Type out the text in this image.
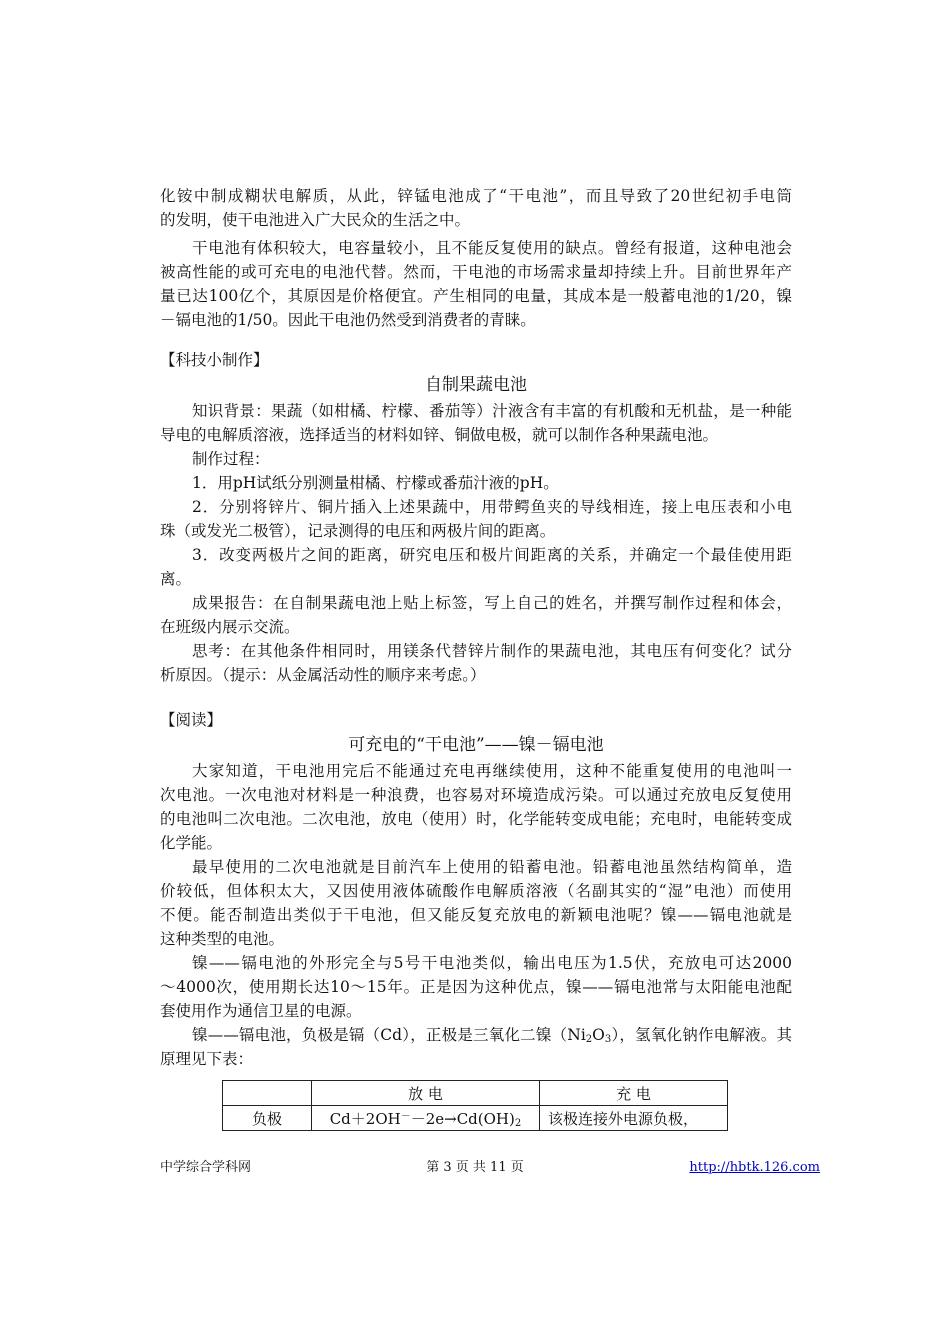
化铵中制成糊状电解质，从此，锌锰电池成了“干电池”，而且导致了20世纪初手电筒
的发明，使干电池进入广大民众的生活之中。
干电池有体积较大，电容量较小，且不能反复使用的缺点。曾经有报道，这种电池会
被高性能的或可充电的电池代替。然而，干电池的市场需求量却持续上升。目前世界年产
量已达100亿个，其原因是价格便宜。产生相同的电量，其成本是一般蓄电池的1/20，镍
－镉电池的1/50。因此干电池仍然受到消费者的青睐。
【科技小制作】
自制果蔬电池
知识背景：果蔬（如柑橘、柠檬、番茄等）汁液含有丰富的有机酸和无机盐，是一种能
导电的电解质溶液，选择适当的材料如锌、铜做电极，就可以制作各种果蔬电池。
制作过程：
1．用pH试纸分别测量柑橘、柠檬或番茄汁液的pH。
2．分别将锌片、铜片插入上述果蔬中，用带鳄鱼夹的导线相连，接上电压表和小电
珠（或发光二极管），记录测得的电压和两极片间的距离。
3．改变两极片之间的距离，研究电压和极片间距离的关系，并确定一个最佳使用距
离。
成果报告：在自制果蔬电池上贴上标签，写上自己的姓名，并撰写制作过程和体会，
在班级内展示交流。
思考：在其他条件相同时，用镁条代替锌片制作的果蔬电池，其电压有何变化？试分
析原因。（提示：从金属活动性的顺序来考虑。）
【阅读】
可充电的“干电池”——镍－镉电池
大家知道，干电池用完后不能通过充电再继续使用，这种不能重复使用的电池叫一
次电池。一次电池对材料是一种浪费，也容易对环境造成污染。可以通过充放电反复使用
的电池叫二次电池。二次电池，放电（使用）时，化学能转变成电能；充电时，电能转变成
化学能。
最早使用的二次电池就是目前汽车上使用的铅蓄电池。铅蓄电池虽然结构简单，造
价较低，但体积太大，又因使用液体硫酸作电解质溶液（名副其实的“湿”电池）而使用
不便。能否制造出类似于干电池，但又能反复充放电的新颖电池呢？镍——镉电池就是
这种类型的电池。
镍——镉电池的外形完全与5号干电池类似，输出电压为1.5伏，充放电可达2000
～4000次，使用期长达10～15年。正是因为这种优点，镍——镉电池常与太阳能电池配
套使用作为通信卫星的电源。
镍——镉电池，负极是镉（Cd），正极是三氧化二镍$(Ni_2O_3)$，氢氧化钠作电解液。其
原理见下表：
	放 电	充 电
负极	$Cd+2OH^--2e\to Cd(OH)_2$	该极连接外电源负极，
中学综合学科网	第 3 页 共 11 页	http://hbtk.126.com
